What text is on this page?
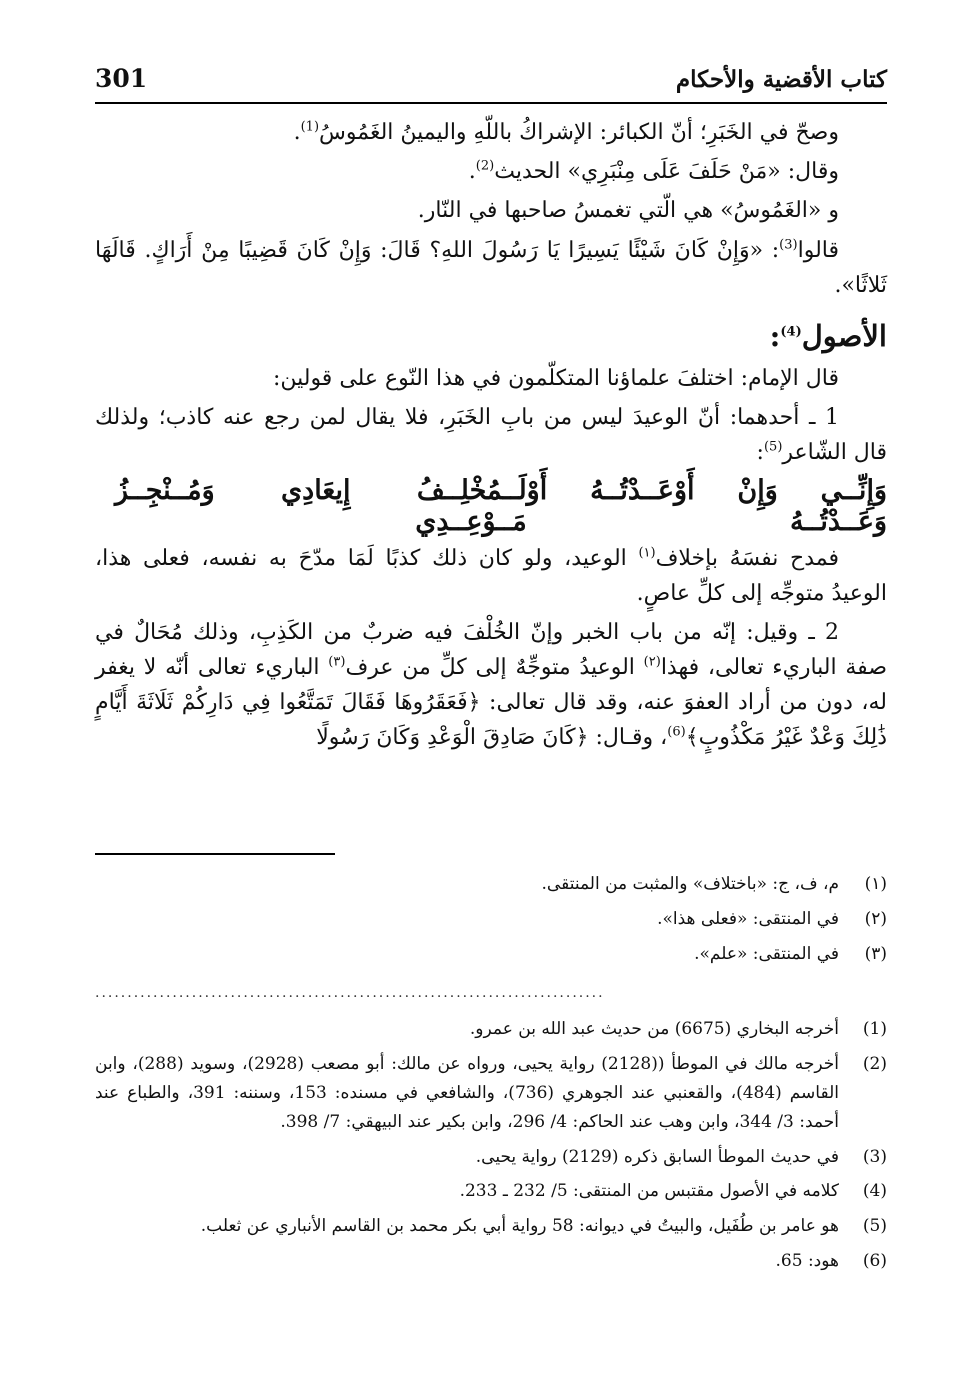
كتاب الأقضية والأحكام
301

وصحّ في الخَبَرِ؛ أنّ الكبائر: الإشراكُ باللّهِ واليمينُ الغَمُوسُ$^{(1)}$.

وقال: «مَنْ حَلَفَ عَلَى مِنْبَرِي» الحديث$^{(2)}$.

و «الغَمُوسُ» هي الّتي تغمسُ صاحبها في النّار.

قالوا$^{(3)}$: «وَإِنْ كَانَ شَيْئًا يَسِيرًا يَا رَسُولَ اللهِ؟ قَالَ: وَإِنْ كَانَ قَضِيبًا مِنْ أَرَاكٍ. قَالَهَا ثَلاثًا».

الأصول$^{(4)}$:

قال الإمام: اختلفَ علماؤنا المتكلّمون في هذا النّوع على قولين:

1 ـ أحدهما: أنّ الوعيدَ ليس من بابِ الخَبَرِ، فلا يقال لمن رجع عنه كاذب؛ ولذلك قال الشّاعر$^{(5)}$:

وَإِنِّــي وَإِنْ أَوْعَــدْتُــهُ أَوْ وَعَــدْتُــهُ
لَــمُخْلِــفُ إِيعَادِي وَمُــنْجِــزُ مَــوْعِــدِي

فمدح نفسَهُ بإخلاف$^{(١)}$ الوعيد، ولو كان ذلك كذبًا لَمَا مدّحَ به نفسه، فعلى هذا، الوعيدُ متوجِّه إلى كلِّ عاصٍ.

2 ـ وقيل: إنّه من باب الخبر وإنّ الخُلْفَ فيه ضربٌ من الكَذِبِ، وذلك مُحَالٌ في صفة الباريء تعالى، فهذا$^{(٢)}$ الوعيدُ متوجِّهٌ إلى كلِّ من عرف$^{(٣)}$ الباريء تعالى أنّه لا يغفر له، دون من أراد العفوَ عنه، وقد قال تعالى: ﴿فَعَقَرُوهَا فَقَالَ تَمَتَّعُوا فِي دَارِكُمْ ثَلَاثَةَ أَيَّامٍ ذَٰلِكَ وَعْدٌ غَيْرُ مَكْذُوبٍ﴾$^{(6)}$، وقـال: ﴿كَانَ صَادِقَ الْوَعْدِ وَكَانَ رَسُولًا

(١)
م، ف، ج: «باختلاف» والمثبت من المنتقى.
(٢)
في المنتقى: «فعلى هذا».
(٣)
في المنتقى: «علم».
...............................................................................
(1)
أخرجه البخاري (6675) من حديث عبد الله بن عمرو.
(2)
أخرجه مالك في الموطأ ((2128) رواية يحيى، ورواه عن مالك: أبو مصعب (2928)، وسويد (288)، وابن القاسم (484)، والقعنبي عند الجوهري (736)، والشافعي في مسنده: 153، وسننه: 391، والطباع عند أحمد: 3/ 344، وابن وهب عند الحاكم: 4/ 296، وابن بكير عند البيهقي: 7/ 398.
(3)
في حديث الموطأ السابق ذكره (2129) رواية يحيى.
(4)
كلامه في الأصول مقتبس من المنتقى: 5/ 232 ـ 233.
(5)
هو عامر بن طُفَيل، والبيتُ في ديوانه: 58 رواية أبي بكر محمد بن القاسم الأنباري عن ثعلب.
(6)
هود: 65.
